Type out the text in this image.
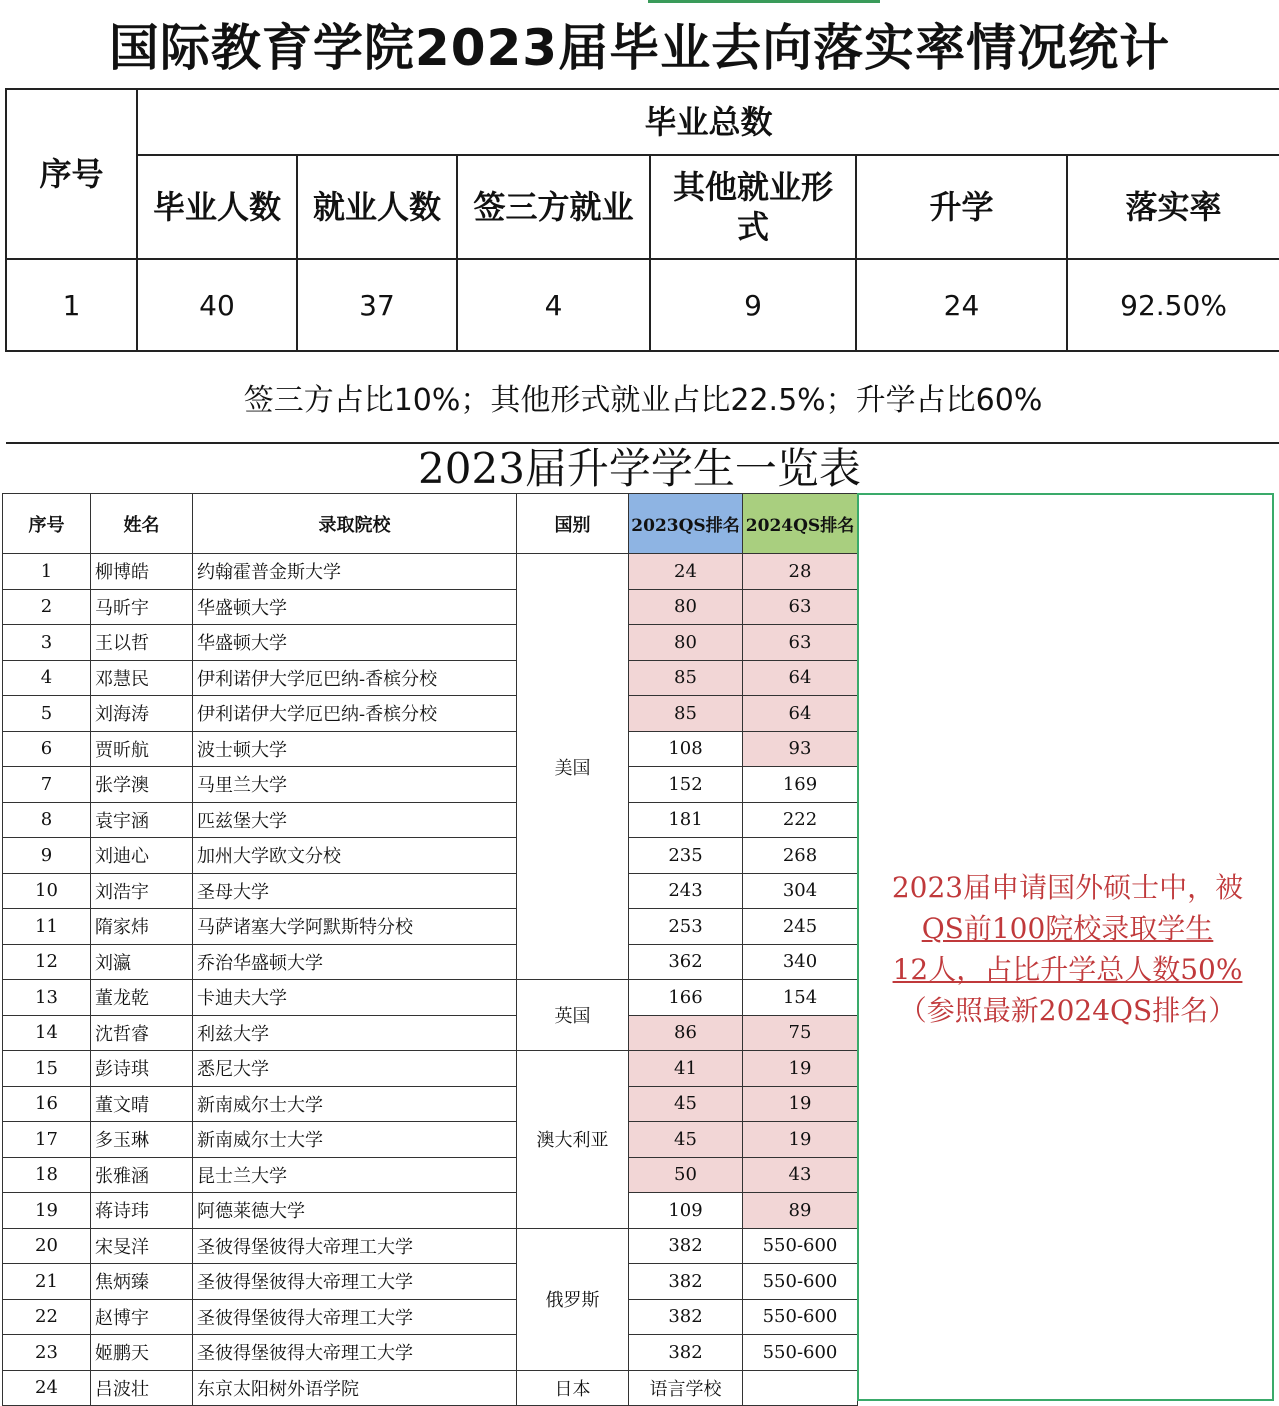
国际教育学院2023届毕业去向落实率情况统计
序号	毕业总数					
	毕业人数	就业人数	签三方就业	其他就业形式	升学	落实率
1	40	37	4	9	24	92.50%
签三方占比10%；其他形式就业占比22.5%；升学占比60%						
2023届升学学生一览表
序号	姓名	录取院校	国别	2023QS排名	2024QS排名
1	柳博皓	约翰霍普金斯大学	美国	24	28
2	马昕宇	华盛顿大学		80	63
3	王以哲	华盛顿大学		80	63
4	邓慧民	伊利诺伊大学厄巴纳-香槟分校		85	64
5	刘海涛	伊利诺伊大学厄巴纳-香槟分校		85	64
6	贾昕航	波士顿大学		108	93
7	张学澳	马里兰大学		152	169
8	袁宇涵	匹兹堡大学		181	222
9	刘迪心	加州大学欧文分校		235	268
10	刘浩宇	圣母大学		243	304
11	隋家炜	马萨诸塞大学阿默斯特分校		253	245
12	刘瀛	乔治华盛顿大学		362	340
13	董龙乾	卡迪夫大学	英国	166	154
14	沈哲睿	利兹大学		86	75
15	彭诗琪	悉尼大学	澳大利亚	41	19
16	董文晴	新南威尔士大学		45	19
17	多玉琳	新南威尔士大学		45	19
18	张雅涵	昆士兰大学		50	43
19	蒋诗玮	阿德莱德大学		109	89
20	宋旻洋	圣彼得堡彼得大帝理工大学	俄罗斯	382	550-600
21	焦炳臻	圣彼得堡彼得大帝理工大学		382	550-600
22	赵博宇	圣彼得堡彼得大帝理工大学		382	550-600
23	姬鹏天	圣彼得堡彼得大帝理工大学		382	550-600
24	吕波壮	东京太阳树外语学院	日本	语言学校	
2023届申请国外硕士中，被
QS前100院校录取学生
12人，占比升学总人数50%
（参照最新2024QS排名）
